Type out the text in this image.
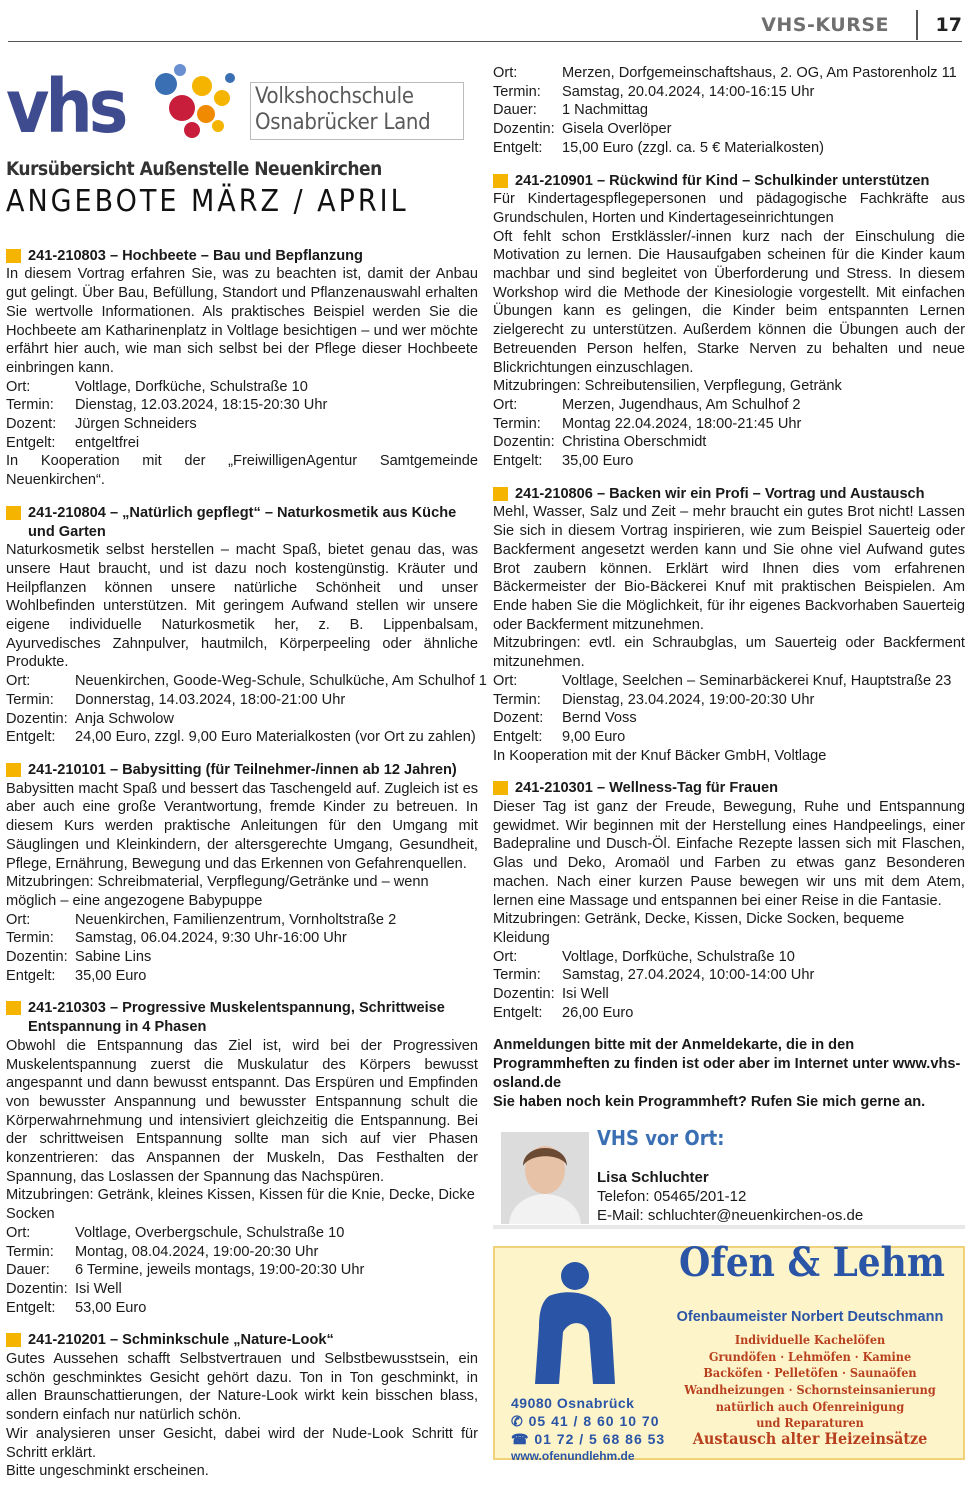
VHS-KURSE 17
vhs	Volkshochschule
Osnabrücker Land
Kursübersicht Außenstelle Neuenkirchen
ANGEBOTE MÄRZ / APRIL
241-210803 – Hochbeete – Bau und Bepflanzung
In diesem Vortrag erfahren Sie, was zu beachten ist, damit der Anbau gut gelingt. Über Bau, Befüllung, Standort und Pflanzenauswahl erhalten Sie wertvolle Informationen. Als praktisches Beispiel werden Sie die Hochbeete am Katharinenplatz in Voltlage besichtigen – und wer möchte erfährt hier auch, wie man sich selbst bei der Pflege dieser Hochbeete einbringen kann.
Ort:	Voltlage, Dorfküche, Schulstraße 10
Termin:	Dienstag, 12.03.2024, 18:15-20:30 Uhr
Dozent:	Jürgen Schneiders
Entgelt:	entgeltfrei
In Kooperation mit der „FreiwilligenAgentur Samtgemeinde Neuenkirchen“.
241-210804 – „Natürlich gepflegt“ – Naturkosmetik aus Küche und Garten
Naturkosmetik selbst herstellen – macht Spaß, bietet genau das, was unsere Haut braucht, und ist dazu noch kostengünstig. Kräuter und Heilpflanzen können unsere natürliche Schönheit und unser Wohlbefinden unterstützen. Mit geringem Aufwand stellen wir unsere eigene individuelle Naturkosmetik her, z. B. Lippenbalsam, Ayurvedisches Zahnpulver, hautmilch, Körperpeeling oder ähnliche Produkte.
Ort:	Neuenkirchen, Goode-Weg-Schule, Schulküche, Am Schulhof 1
Termin:	Donnerstag, 14.03.2024, 18:00-21:00 Uhr
Dozentin: Anja Schwolow
Entgelt:	24,00 Euro, zzgl. 9,00 Euro Materialkosten (vor Ort zu zahlen)
241-210101 – Babysitting (für Teilnehmer-/innen ab 12 Jahren)
Babysitten macht Spaß und bessert das Taschengeld auf. Zugleich ist es aber auch eine große Verantwortung, fremde Kinder zu betreuen. In diesem Kurs werden praktische Anleitungen für den Umgang mit Säuglingen und Kleinkindern, der altersgerechte Umgang, Gesundheit, Pflege, Ernährung, Bewegung und das Erkennen von Gefahrenquellen.
Mitzubringen: Schreibmaterial, Verpflegung/Getränke und – wenn möglich – eine angezogene Babypuppe
Ort:	Neuenkirchen, Familienzentrum, Vornholtstraße 2
Termin:	Samstag, 06.04.2024, 9:30 Uhr-16:00 Uhr
Dozentin: Sabine Lins
Entgelt:	35,00 Euro
241-210303 – Progressive Muskelentspannung, Schrittweise Entspannung in 4 Phasen
Obwohl die Entspannung das Ziel ist, wird bei der Progressiven Muskelentspannung zuerst die Muskulatur des Körpers bewusst angespannt und dann bewusst entspannt. Das Erspüren und Empfinden von bewusster Anspannung und bewusster Entspannung schult die Körperwahrnehmung und intensiviert gleichzeitig die Entspannung. Bei der schrittweisen Entspannung sollte man sich auf vier Phasen konzentrieren: das Anspannen der Muskeln, Das Festhalten der Spannung, das Loslassen der Spannung das Nachspüren.
Mitzubringen: Getränk, kleines Kissen, Kissen für die Knie, Decke, Dicke Socken
Ort:	Voltlage, Overbergschule, Schulstraße 10
Termin:	Montag, 08.04.2024, 19:00-20:30 Uhr
Dauer:	6 Termine, jeweils montags, 19:00-20:30 Uhr
Dozentin: Isi Well
Entgelt:	53,00 Euro
241-210201 – Schminkschule „Nature-Look“
Gutes Aussehen schafft Selbstvertrauen und Selbstbewusstsein, ein schön geschminktes Gesicht gehört dazu. Ton in Ton geschminkt, in allen Braunschattierungen, der Nature-Look wirkt kein bisschen blass, sondern einfach nur natürlich schön.
Wir analysieren unser Gesicht, dabei wird der Nude-Look Schritt für Schritt erklärt.
Bitte ungeschminkt erscheinen.
Ort:	Merzen, Dorfgemeinschaftshaus, 2. OG, Am Pastorenholz 11
Termin:	Samstag, 20.04.2024, 14:00-16:15 Uhr
Dauer:	1 Nachmittag
Dozentin: Gisela Overlöper
Entgelt:	15,00 Euro (zzgl. ca. 5 € Materialkosten)
241-210901 – Rückwind für Kind – Schulkinder unterstützen
Für Kindertagespflegepersonen und pädagogische Fachkräfte aus Grundschulen, Horten und Kindertageseinrichtungen
Oft fehlt schon Erstklässler/-innen kurz nach der Einschulung die Motivation zu lernen. Die Hausaufgaben scheinen für die Kinder kaum machbar und sind begleitet von Überforderung und Stress. In diesem Workshop wird die Methode der Kinesiologie vorgestellt. Mit einfachen Übungen kann es gelingen, die Kinder beim entspannten Lernen zielgerecht zu unterstützen. Außerdem können die Übungen auch der Betreuenden Person helfen, Starke Nerven zu behalten und neue Blickrichtungen einzuschlagen.
Mitzubringen: Schreibutensilien, Verpflegung, Getränk
Ort:	Merzen, Jugendhaus, Am Schulhof 2
Termin:	Montag 22.04.2024, 18:00-21:45 Uhr
Dozentin: Christina Oberschmidt
Entgelt:	35,00 Euro
241-210806 – Backen wir ein Profi – Vortrag und Austausch
Mehl, Wasser, Salz und Zeit – mehr braucht ein gutes Brot nicht! Lassen Sie sich in diesem Vortrag inspirieren, wie zum Beispiel Sauerteig oder Backferment angesetzt werden kann und Sie ohne viel Aufwand gutes Brot zaubern können. Erklärt wird Ihnen dies vom erfahrenen Bäckermeister der Bio-Bäckerei Knuf mit praktischen Beispielen. Am Ende haben Sie die Möglichkeit, für ihr eigenes Backvorhaben Sauerteig oder Backferment mitzunehmen.
Mitzubringen: evtl. ein Schraubglas, um Sauerteig oder Backferment mitzunehmen.
Ort:	Voltlage, Seelchen – Seminarbäckerei Knuf, Hauptstraße 23
Termin:	Dienstag, 23.04.2024, 19:00-20:30 Uhr
Dozent:	Bernd Voss
Entgelt:	9,00 Euro
In Kooperation mit der Knuf Bäcker GmbH, Voltlage
241-210301 – Wellness-Tag für Frauen
Dieser Tag ist ganz der Freude, Bewegung, Ruhe und Entspannung gewidmet. Wir beginnen mit der Herstellung eines Handpeelings, einer Badepraline und Dusch-Öl. Einfache Rezepte lassen sich mit Flaschen, Glas und Deko, Aromaöl und Farben zu etwas ganz Besonderen machen. Nach einer kurzen Pause bewegen wir uns mit dem Atem, lernen eine Massage und entspannen bei einer Reise in die Fantasie.
Mitzubringen: Getränk, Decke, Kissen, Dicke Socken, bequeme Kleidung
Ort:	Voltlage, Dorfküche, Schulstraße 10
Termin:	Samstag, 27.04.2024, 10:00-14:00 Uhr
Dozentin: Isi Well
Entgelt:	26,00 Euro
Anmeldungen bitte mit der Anmeldekarte, die in den Programmheften zu finden ist oder aber im Internet unter www.vhs-osland.de
Sie haben noch kein Programmheft? Rufen Sie mich gerne an.
VHS vor Ort:
Lisa Schluchter
Telefon: 05465/201-12
E-Mail: schluchter@neuenkirchen-os.de
49080 Osnabrück
✆ 05 41 / 8 60 10 70
☎ 01 72 / 5 68 86 53
www.ofenundlehm.de
Ofen & Lehm
Ofenbaumeister Norbert Deutschmann
Individuelle Kachelöfen
Grundöfen · Lehmöfen · Kamine
Backöfen · Pelletöfen · Saunaöfen
Wandheizungen · Schornsteinsanierung
natürlich auch Ofenreinigung
und Reparaturen
Austausch alter Heizeinsätze
